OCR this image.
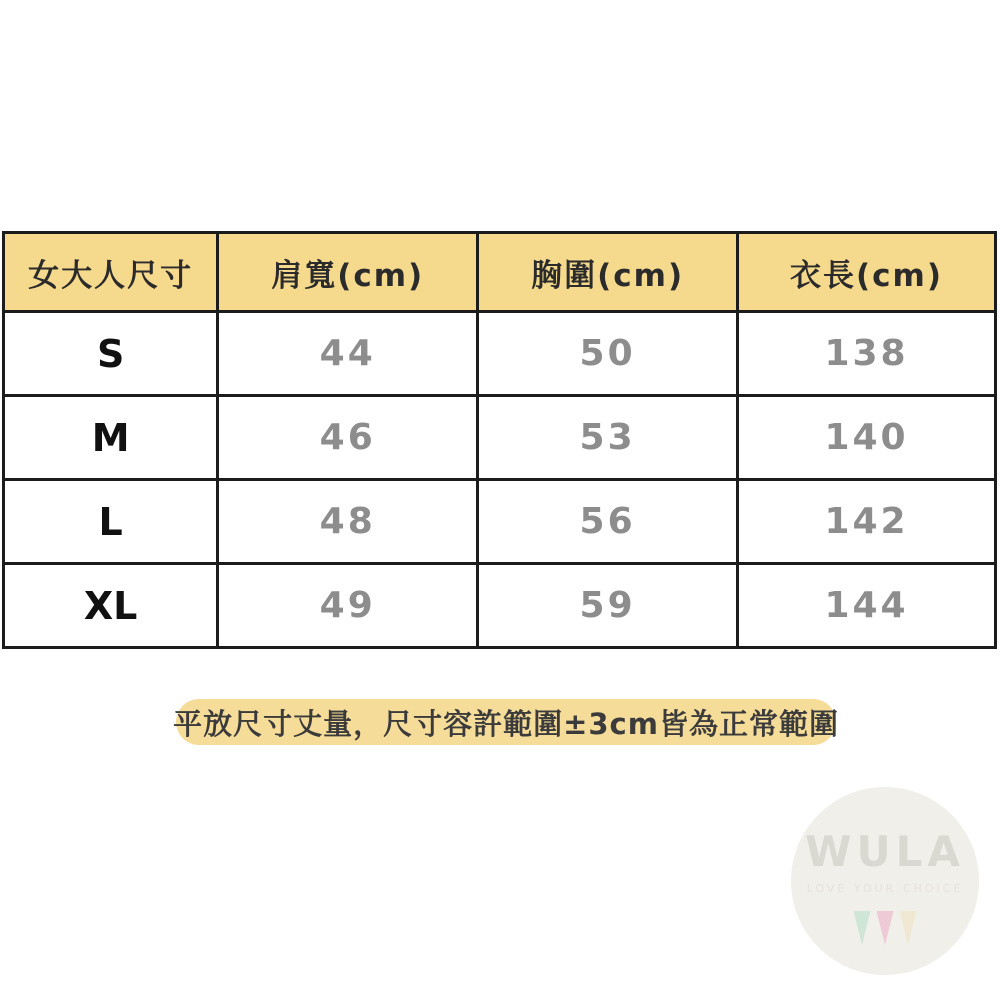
女大人尺寸	肩寬(cm)	胸圍(cm)	衣長(cm)
S	44	50	138
M	46	53	140
L	48	56	142
XL	49	59	144
平放尺寸丈量，尺寸容許範圍±3cm皆為正常範圍
WULA
LOVE YOUR CHOICE
